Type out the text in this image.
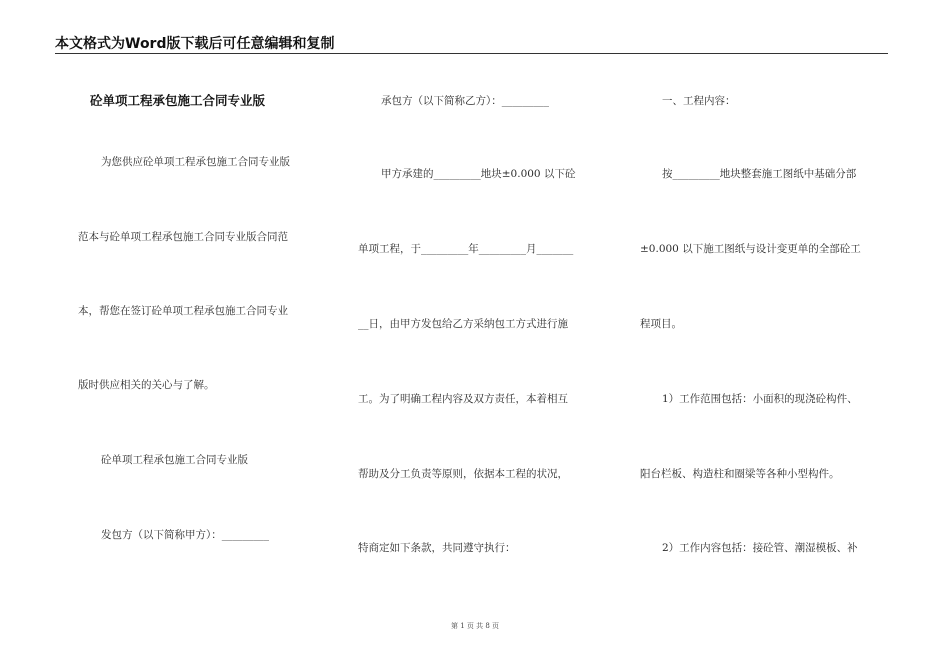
本文格式为Word版下载后可任意编辑和复制
砼单项工程承包施工合同专业版
为您供应砼单项工程承包施工合同专业版
范本与砼单项工程承包施工合同专业版合同范
本，帮您在签订砼单项工程承包施工合同专业
版时供应相关的关心与了解。
砼单项工程承包施工合同专业版
发包方（以下简称甲方）：_________
承包方（以下简称乙方）：_________
甲方承建的_________地块±0.000 以下砼
单项工程，于_________年_________月_______
__日，由甲方发包给乙方采纳包工方式进行施
工。为了明确工程内容及双方责任，本着相互
帮助及分工负责等原则，依据本工程的状况，
特商定如下条款，共同遵守执行：
一、工程内容：
按_________地块整套施工图纸中基础分部
±0.000 以下施工图纸与设计变更单的全部砼工
程项目。
1）工作范围包括：小面积的现浇砼构件、
阳台栏板、构造柱和圈梁等各种小型构件。
2）工作内容包括：接砼管、潮湿模板、补
第 1 页 共 8 页
